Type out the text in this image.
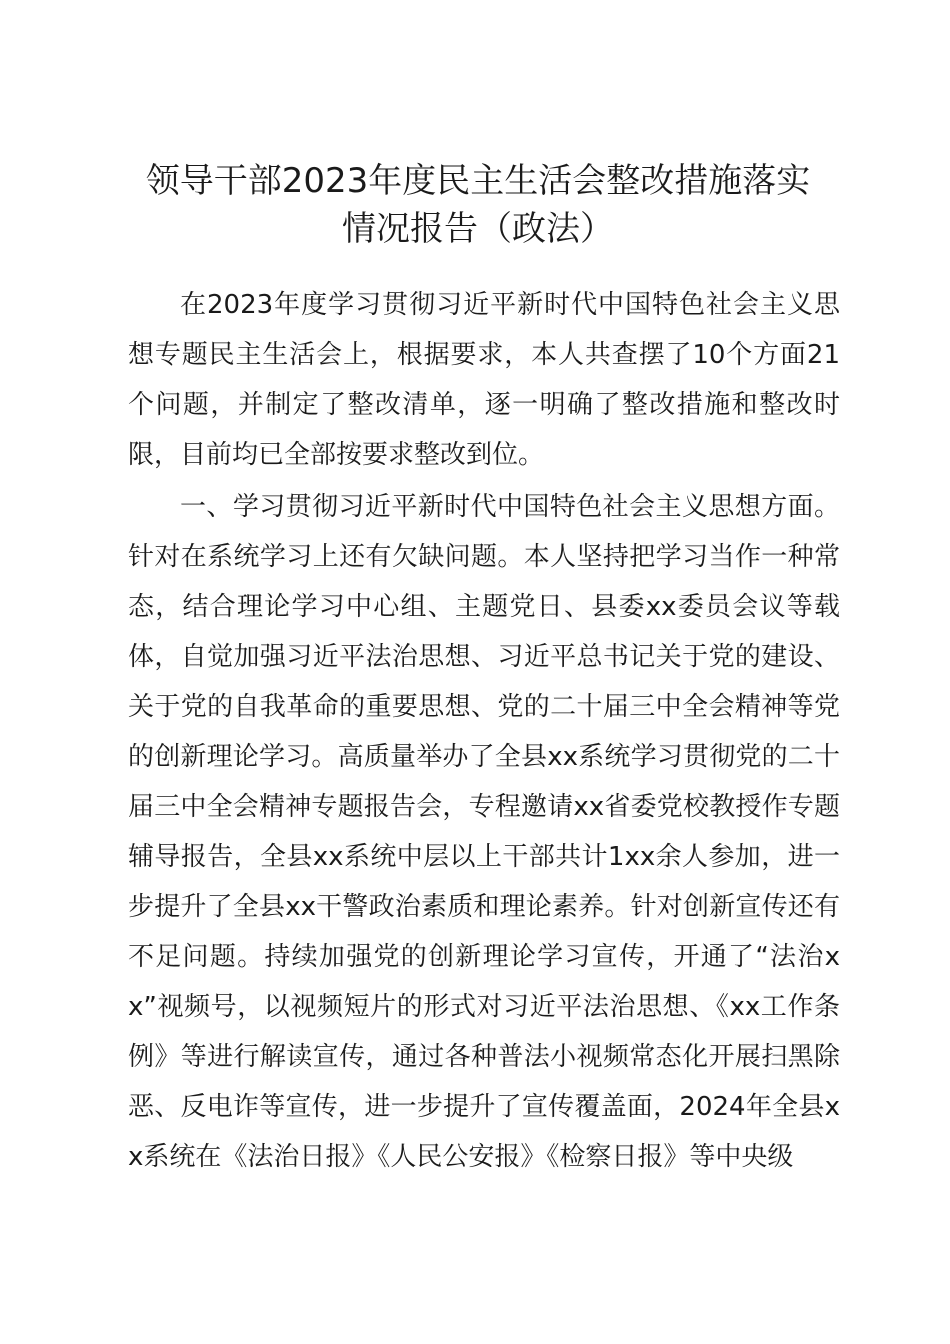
领导干部2023年度民主生活会整改措施落实
情况报告（政法）

在2023年度学习贯彻习近平新时代中国特色社会主义思想专题民主生活会上，根据要求，本人共查摆了10个方面21个问题，并制定了整改清单，逐一明确了整改措施和整改时限，目前均已全部按要求整改到位。

一、学习贯彻习近平新时代中国特色社会主义思想方面。针对在系统学习上还有欠缺问题。本人坚持把学习当作一种常态，结合理论学习中心组、主题党日、县委xx委员会议等载体，自觉加强习近平法治思想、习近平总书记关于党的建设、关于党的自我革命的重要思想、党的二十届三中全会精神等党的创新理论学习。高质量举办了全县xx系统学习贯彻党的二十届三中全会精神专题报告会，专程邀请xx省委党校教授作专题辅导报告，全县xx系统中层以上干部共计1xx余人参加，进一步提升了全县xx干警政治素质和理论素养。针对创新宣传还有不足问题。持续加强党的创新理论学习宣传，开通了“法治xx”视频号，以视频短片的形式对习近平法治思想、《xx工作条例》等进行解读宣传，通过各种普法小视频常态化开展扫黑除恶、反电诈等宣传，进一步提升了宣传覆盖面，2024年全县xx系统在《法治日报》《人民公安报》《检察日报》等中央级
